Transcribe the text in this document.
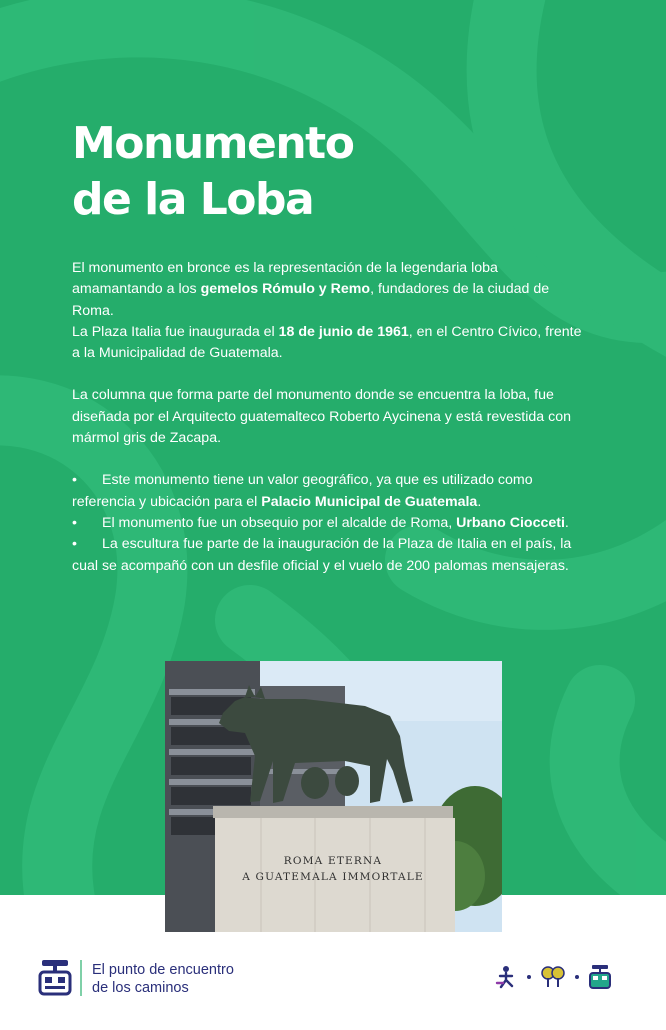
Monumento
de la Loba

El monumento en bronce es la representación de la legendaria loba amamantando a los gemelos Rómulo y Remo, fundadores de la ciudad de Roma.

La Plaza Italia fue inaugurada el 18 de junio de 1961, en el Centro Cívico, frente a la Municipalidad de Guatemala.

La columna que forma parte del monumento donde se encuentra la loba, fue diseñada por el Arquitecto guatemalteco Roberto Aycinena y está revestida con mármol gris de Zacapa.

• Este monumento tiene un valor geográfico, ya que es utilizado como referencia y ubicación para el Palacio Municipal de Guatemala.

• El monumento fue un obsequio por el alcalde de Roma, Urbano Ciocceti.

• La escultura fue parte de la inauguración de la Plaza de Italia en el país, la cual se acompañó con un desfile oficial y el vuelo de 200 palomas mensajeras.

ROMA ETERNA
A GUATEMALA IMMORTALE
El punto de encuentro
de los caminos
